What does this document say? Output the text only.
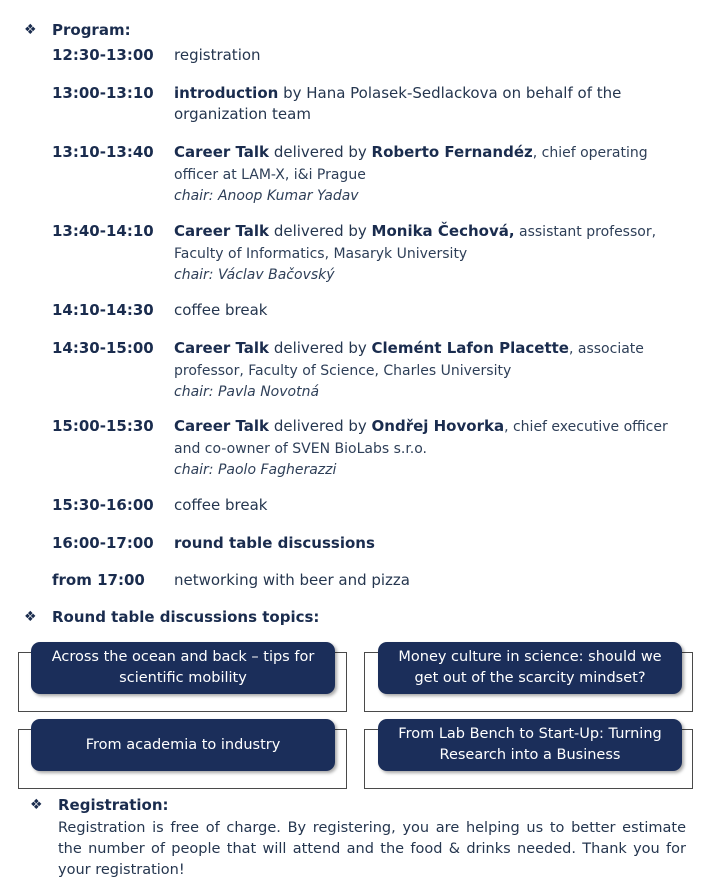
❖	Program:
12:30-13:00	registration
13:00-13:10	introduction by Hana Polasek-Sedlackova on behalf of the organization team
13:10-13:40	Career Talk delivered by Roberto Fernandéz, chief operating officer at LAM-X, i&i Prague
chair: Anoop Kumar Yadav
13:40-14:10	Career Talk delivered by Monika Čechová, assistant professor, Faculty of Informatics, Masaryk University
chair: Václav Bačovský
14:10-14:30	coffee break
14:30-15:00	Career Talk delivered by Clemént Lafon Placette, associate professor, Faculty of Science, Charles University
chair: Pavla Novotná
15:00-15:30	Career Talk delivered by Ondřej Hovorka, chief executive officer and co-owner of SVEN BioLabs s.r.o.
chair: Paolo Fagherazzi
15:30-16:00	coffee break
16:00-17:00	round table discussions
from 17:00	networking with beer and pizza
❖	Round table discussions topics:
Across the ocean and back – tips for scientific mobility
Money culture in science: should we get out of the scarcity mindset?
From academia to industry
From Lab Bench to Start-Up: Turning Research into a Business
❖	Registration:
Registration is free of charge. By registering, you are helping us to better estimate the number of people that will attend and the food & drinks needed. Thank you for your registration!
